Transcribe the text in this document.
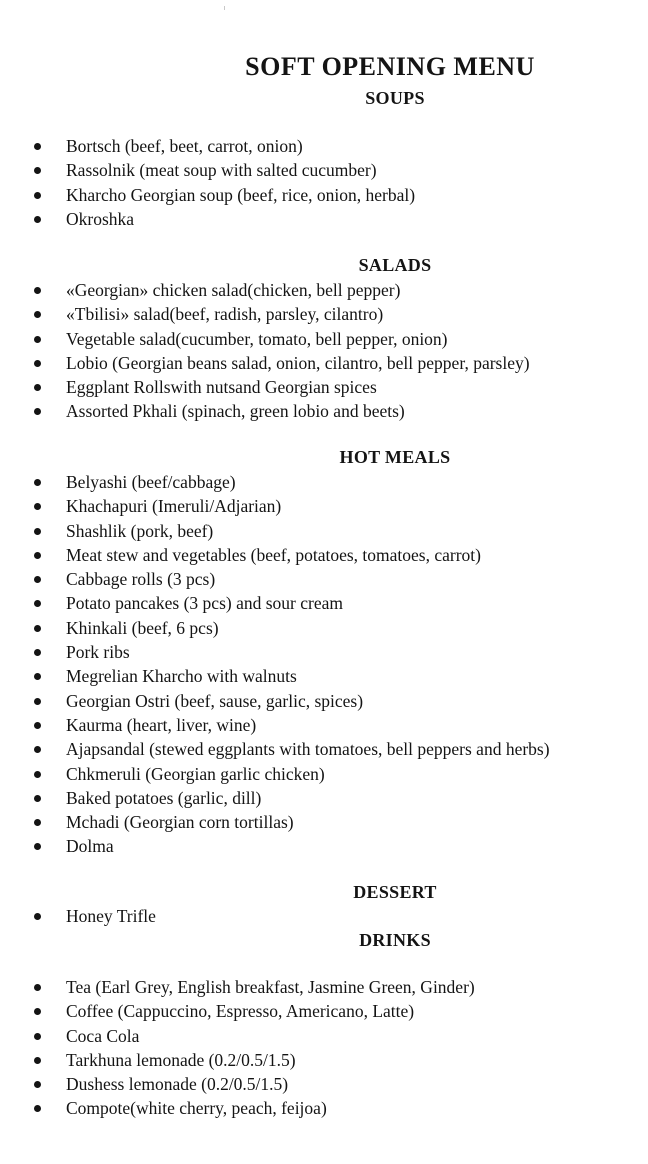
SOFT OPENING MENU
SOUPS
Bortsch (beef, beet, carrot, onion)
Rassolnik (meat soup with salted cucumber)
Kharcho Georgian soup (beef, rice, onion, herbal)
Okroshka
SALADS
«Georgian» chicken salad(chicken, bell pepper)
«Tbilisi» salad(beef, radish, parsley, cilantro)
Vegetable salad(cucumber, tomato, bell pepper, onion)
Lobio (Georgian beans salad, onion, cilantro, bell pepper, parsley)
Eggplant Rollswith nutsand Georgian spices
Assorted Pkhali (spinach, green lobio and beets)
HOT MEALS
Belyashi (beef/cabbage)
Khachapuri (Imeruli/Adjarian)
Shashlik (pork, beef)
Meat stew and vegetables (beef, potatoes, tomatoes, carrot)
Cabbage rolls (3 pcs)
Potato pancakes (3 pcs) and sour cream
Khinkali (beef, 6 pcs)
Pork ribs
Megrelian Kharcho with walnuts
Georgian Ostri (beef, sause, garlic, spices)
Kaurma (heart, liver, wine)
Ajapsandal (stewed eggplants with tomatoes, bell peppers and herbs)
Chkmeruli (Georgian garlic chicken)
Baked potatoes (garlic, dill)
Mchadi (Georgian corn tortillas)
Dolma
DESSERT
Honey Trifle
DRINKS
Tea (Earl Grey, English breakfast, Jasmine Green, Ginder)
Coffee (Cappuccino, Espresso, Americano, Latte)
Coca Cola
Tarkhuna lemonade (0.2/0.5/1.5)
Dushess lemonade (0.2/0.5/1.5)
Compote(white cherry, peach, feijoa)
